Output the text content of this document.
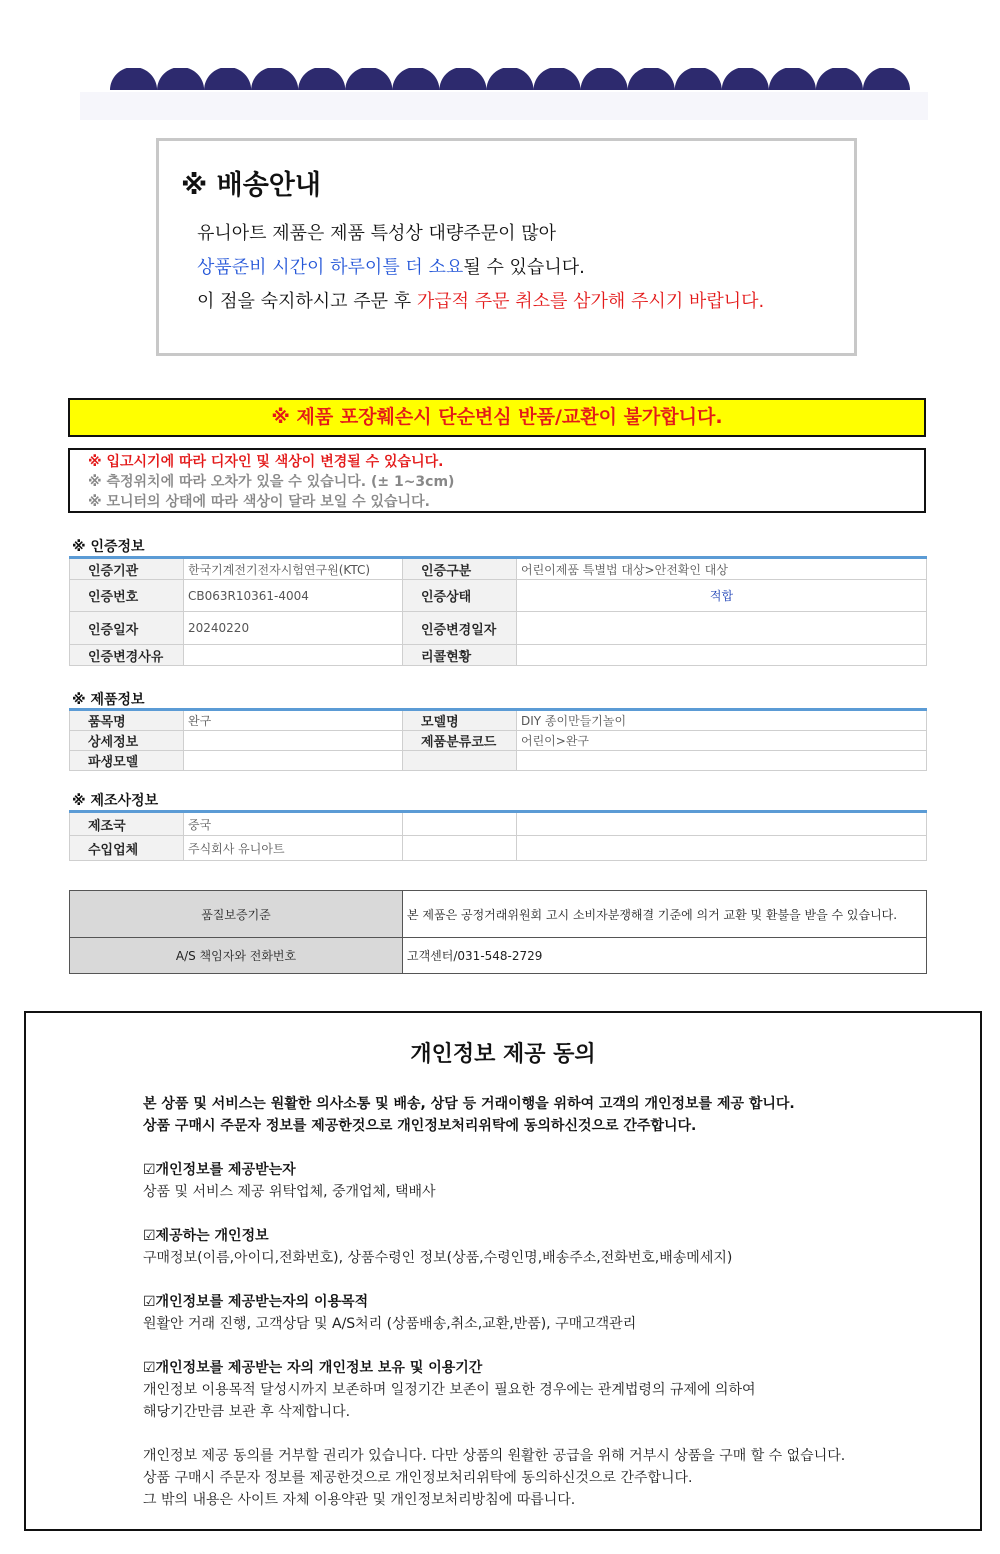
※ 배송안내
유니아트 제품은 제품 특성상 대량주문이 많아
상품준비 시간이 하루이틀 더 소요될 수 있습니다.
이 점을 숙지하시고 주문 후 가급적 주문 취소를 삼가해 주시기 바랍니다.
※ 제품 포장훼손시 단순변심 반품/교환이 불가합니다.
※ 입고시기에 따라 디자인 및 색상이 변경될 수 있습니다.
※ 측정위치에 따라 오차가 있을 수 있습니다. (± 1~3cm)
※ 모니터의 상태에 따라 색상이 달라 보일 수 있습니다.
※ 인증정보
인증기관	한국기계전기전자시험연구원(KTC)	인증구분	어린이제품 특별법 대상>안전확인 대상
인증번호	CB063R10361-4004	인증상태	적합
인증일자	20240220	인증변경일자	
인증변경사유		리콜현황	
※ 제품정보
품목명	완구	모델명	DIY 종이만들기놀이
상세정보		제품분류코드	어린이>완구
파생모델			
※ 제조사정보
제조국	중국		
수입업체	주식회사 유니아트		
품질보증기준	본 제품은 공정거래위원회 고시 소비자분쟁해결 기준에 의거 교환 및 환불을 받을 수 있습니다.
A/S 책임자와 전화번호	고객센터/031-548-2729
개인정보 제공 동의
본 상품 및 서비스는 원활한 의사소통 및 배송, 상담 등 거래이행을 위하여 고객의 개인정보를 제공 합니다.
상품 구매시 주문자 정보를 제공한것으로 개인정보처리위탁에 동의하신것으로 간주합니다.
☑개인정보를 제공받는자
상품 및 서비스 제공 위탁업체, 중개업체, 택배사
☑제공하는 개인정보
구매정보(이름,아이디,전화번호), 상품수령인 정보(상품,수령인명,배송주소,전화번호,배송메세지)
☑개인정보를 제공받는자의 이용목적
원활안 거래 진행, 고객상담 및 A/S처리 (상품배송,취소,교환,반품), 구매고객관리
☑개인정보를 제공받는 자의 개인정보 보유 및 이용기간
개인정보 이용목적 달성시까지 보존하며 일정기간 보존이 필요한 경우에는 관계법령의 규제에 의하여
해당기간만큼 보관 후 삭제합니다.
개인정보 제공 동의를 거부할 권리가 있습니다. 다만 상품의 원활한 공급을 위해 거부시 상품을 구매 할 수 없습니다.
상품 구매시 주문자 정보를 제공한것으로 개인정보처리위탁에 동의하신것으로 간주합니다.
그 밖의 내용은 사이트 자체 이용약관 및 개인정보처리방침에 따릅니다.
